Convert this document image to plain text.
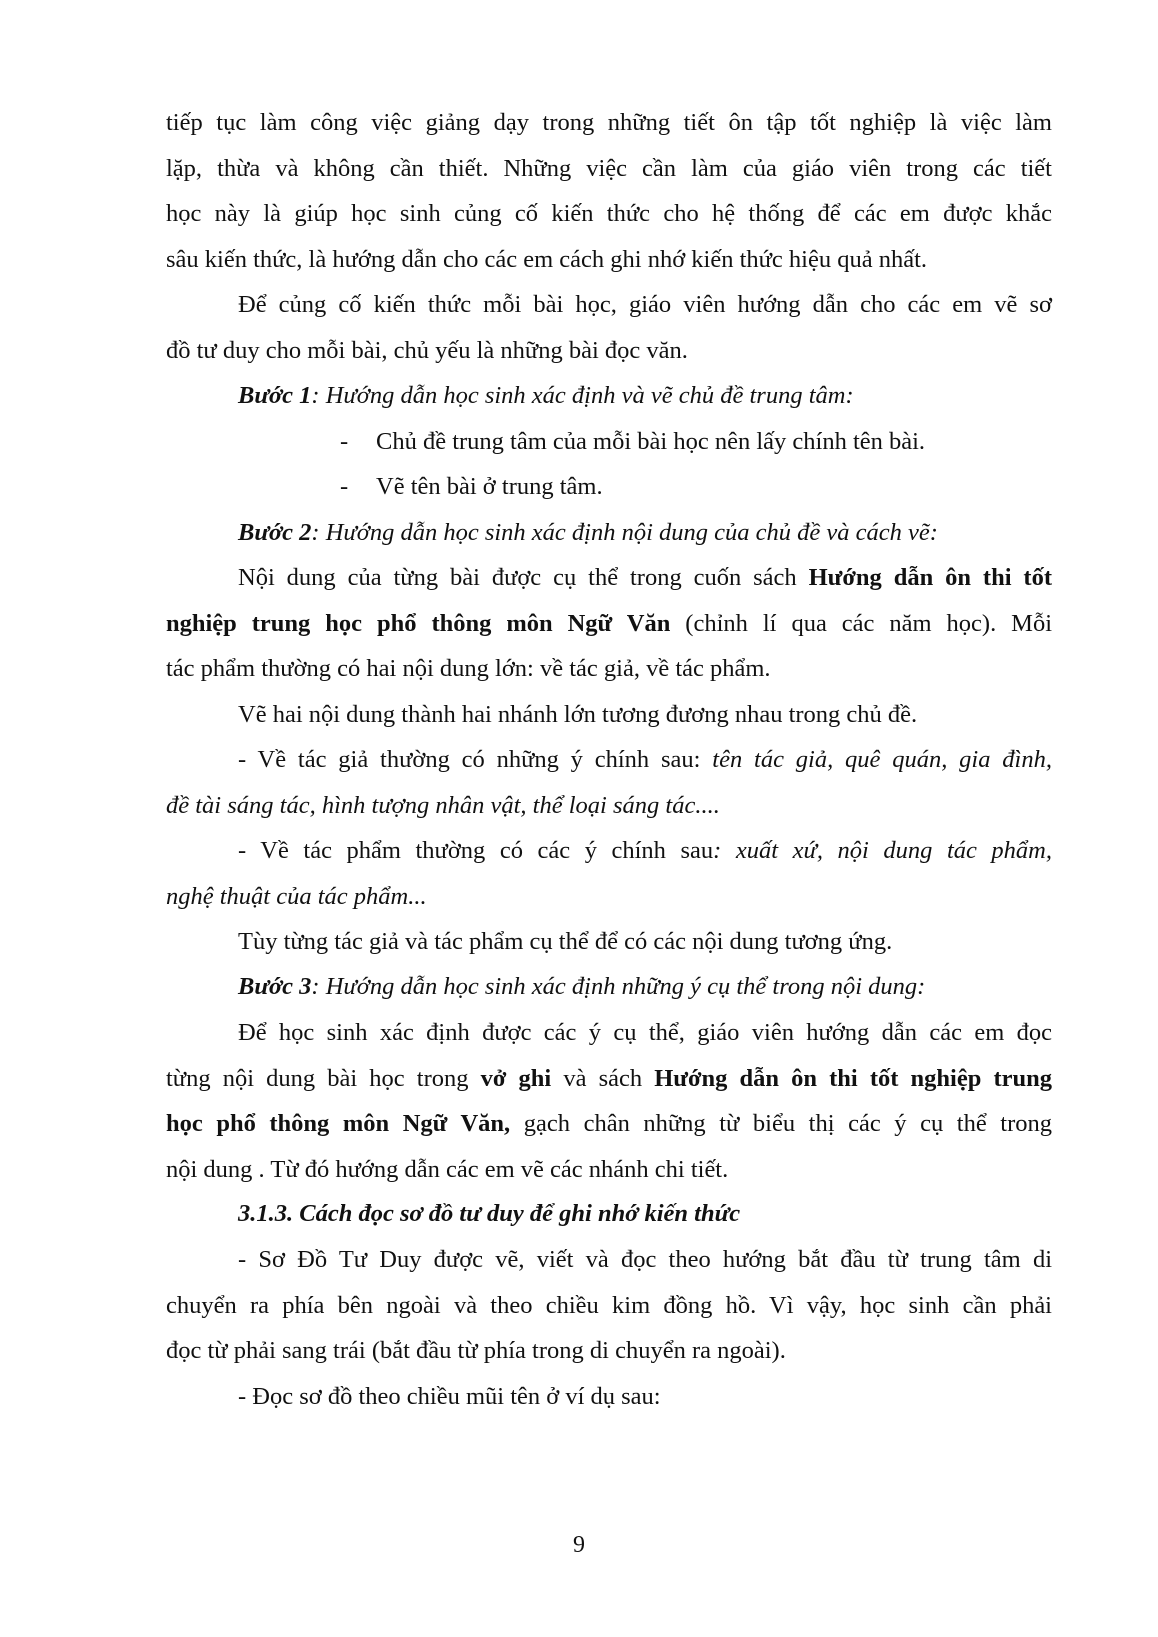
tiếp tục làm công việc giảng dạy trong những tiết ôn tập tốt nghiệp là việc làm
lặp, thừa và không cần thiết. Những việc cần làm của giáo viên trong các tiết
học này là giúp học sinh củng cố kiến thức cho hệ thống để các em được khắc
sâu kiến thức, là hướng dẫn cho các em cách ghi nhớ kiến thức hiệu quả nhất.
Để củng cố kiến thức mỗi bài học, giáo viên hướng dẫn cho các em vẽ sơ
đồ tư duy cho mỗi bài, chủ yếu là những bài đọc văn.
Bước 1: Hướng dẫn học sinh xác định và vẽ chủ đề trung tâm:
- Chủ đề trung tâm của mỗi bài học nên lấy chính tên bài.
- Vẽ tên bài ở trung tâm.
Bước 2: Hướng dẫn học sinh xác định nội dung của chủ đề và cách vẽ:
Nội dung của từng bài được cụ thể trong cuốn sách Hướng dẫn ôn thi tốt
nghiệp trung học phổ thông môn Ngữ Văn (chỉnh lí qua các năm học). Mỗi
tác phẩm thường có hai nội dung lớn: về tác giả, về tác phẩm.
Vẽ hai nội dung thành hai nhánh lớn tương đương nhau trong chủ đề.
- Về tác giả thường có những ý chính sau: tên tác giả, quê quán, gia đình,
đề tài sáng tác, hình tượng nhân vật, thể loại sáng tác....
- Về tác phẩm thường có các ý chính sau: xuất xứ, nội dung tác phẩm,
nghệ thuật của tác phẩm...
Tùy từng tác giả và tác phẩm cụ thể để có các nội dung tương ứng.
Bước 3: Hướng dẫn học sinh xác định những ý cụ thể trong nội dung:
Để học sinh xác định được các ý cụ thể, giáo viên hướng dẫn các em đọc
từng nội dung bài học trong vở ghi và sách Hướng dẫn ôn thi tốt nghiệp trung
học phổ thông môn Ngữ Văn, gạch chân những từ biểu thị các ý cụ thể trong
nội dung . Từ đó hướng dẫn các em vẽ các nhánh chi tiết.
3.1.3. Cách đọc sơ đồ tư duy để ghi nhớ kiến thức
- Sơ Đồ Tư Duy được vẽ, viết và đọc theo hướng bắt đầu từ trung tâm di
chuyển ra phía bên ngoài và theo chiều kim đồng hồ. Vì vậy, học sinh cần phải
đọc từ phải sang trái (bắt đầu từ phía trong di chuyển ra ngoài).
- Đọc sơ đồ theo chiều mũi tên ở ví dụ sau:
9
